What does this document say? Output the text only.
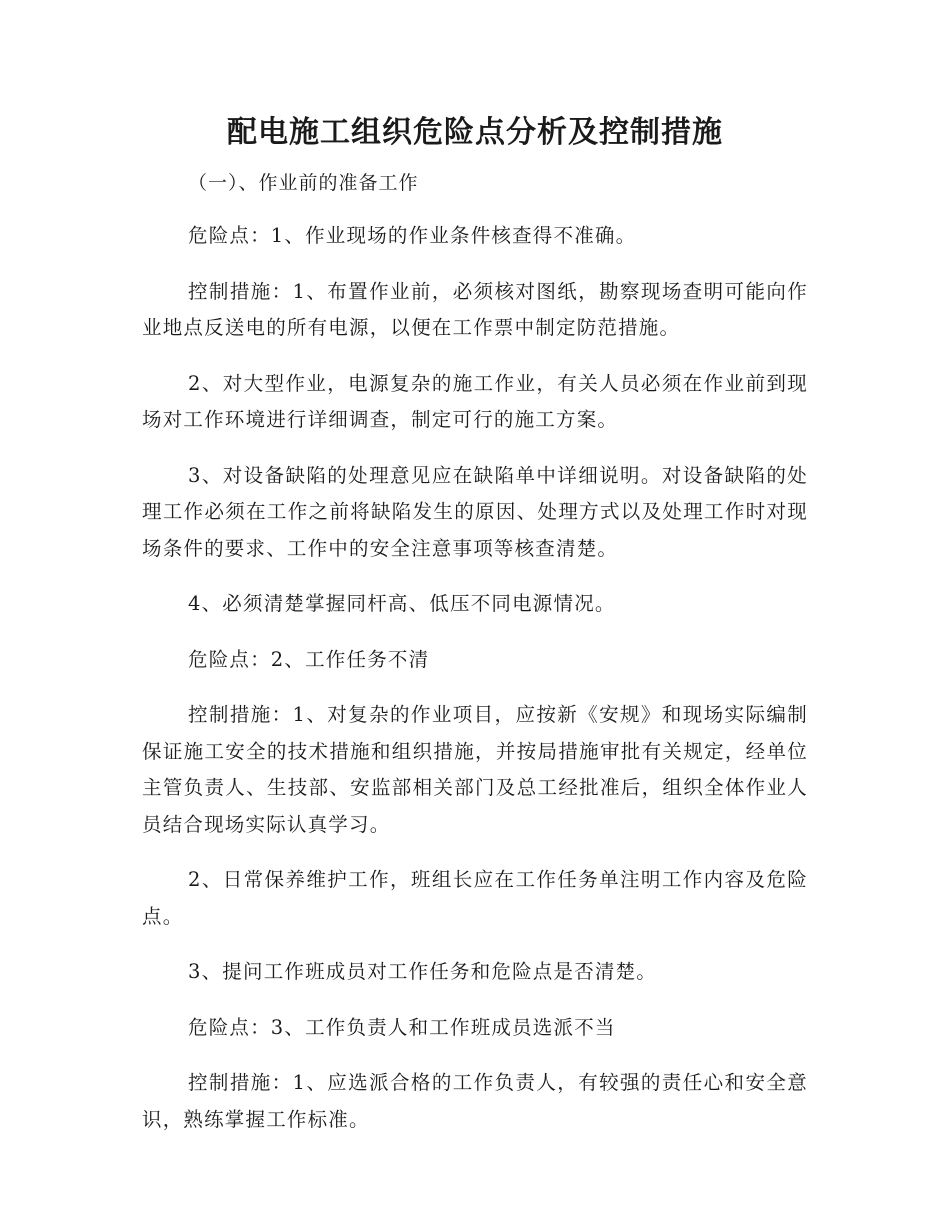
配电施工组织危险点分析及控制措施

（一）、作业前的准备工作

危险点：1、作业现场的作业条件核查得不准确。

控制措施：1、布置作业前，必须核对图纸，勘察现场查明可能向作业地点反送电的所有电源，以便在工作票中制定防范措施。

2、对大型作业，电源复杂的施工作业，有关人员必须在作业前到现场对工作环境进行详细调查，制定可行的施工方案。

3、对设备缺陷的处理意见应在缺陷单中详细说明。对设备缺陷的处理工作必须在工作之前将缺陷发生的原因、处理方式以及处理工作时对现场条件的要求、工作中的安全注意事项等核查清楚。

4、必须清楚掌握同杆高、低压不同电源情况。

危险点：2、工作任务不清

控制措施：1、对复杂的作业项目，应按新《安规》和现场实际编制保证施工安全的技术措施和组织措施，并按局措施审批有关规定，经单位主管负责人、生技部、安监部相关部门及总工经批准后，组织全体作业人员结合现场实际认真学习。

2、日常保养维护工作，班组长应在工作任务单注明工作内容及危险点。

3、提问工作班成员对工作任务和危险点是否清楚。

危险点：3、工作负责人和工作班成员选派不当

控制措施：1、应选派合格的工作负责人，有较强的责任心和安全意识，熟练掌握工作标准。
